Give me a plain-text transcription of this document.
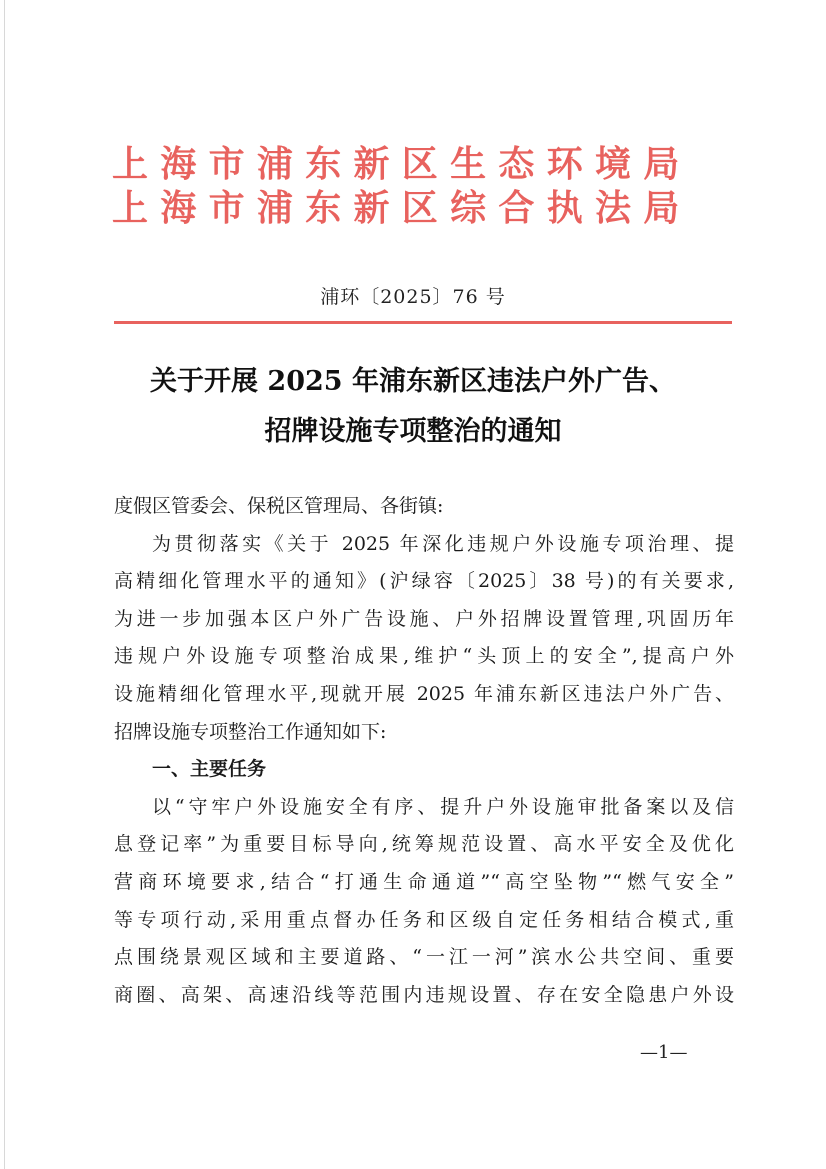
上海市浦东新区生态环境局
上海市浦东新区综合执法局
浦环〔2025〕76 号
关于开展 2025 年浦东新区违法户外广告、
招牌设施专项整治的通知
度假区管委会、保税区管理局、各街镇:
为贯彻落实《关于 2025 年深化违规户外设施专项治理、提
高精细化管理水平的通知》(沪绿容〔2025〕38 号)的有关要求,
为进一步加强本区户外广告设施、户外招牌设置管理,巩固历年
违规户外设施专项整治成果,维护“头顶上的安全”,提高户外
设施精细化管理水平,现就开展 2025 年浦东新区违法户外广告、
招牌设施专项整治工作通知如下:
一、主要任务
以“守牢户外设施安全有序、提升户外设施审批备案以及信
息登记率”为重要目标导向,统筹规范设置、高水平安全及优化
营商环境要求,结合“打通生命通道”“高空坠物”“燃气安全”
等专项行动,采用重点督办任务和区级自定任务相结合模式,重
点围绕景观区域和主要道路、“一江一河”滨水公共空间、重要
商圈、高架、高速沿线等范围内违规设置、存在安全隐患户外设
—1—
